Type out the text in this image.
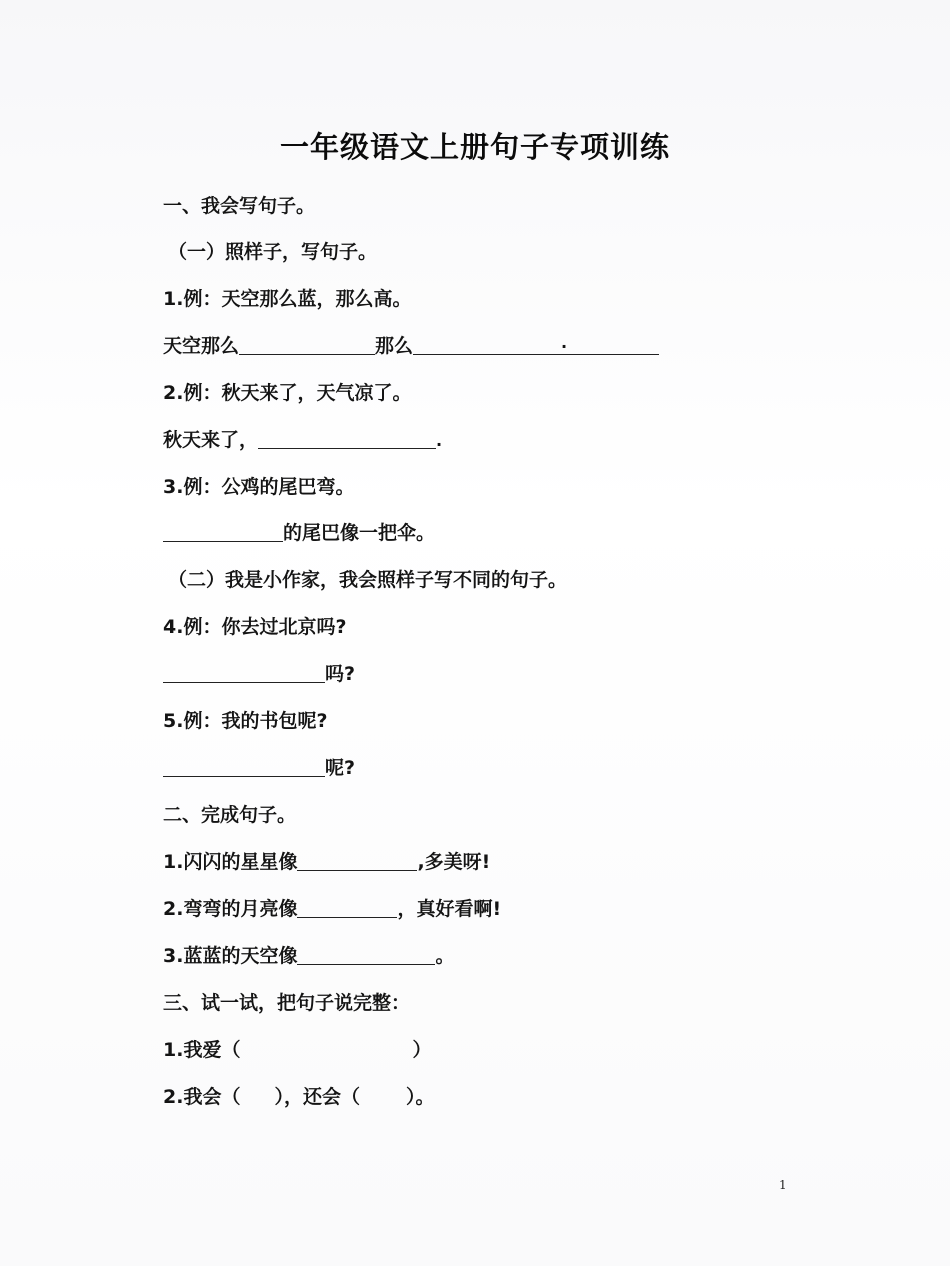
一年级语文上册句子专项训练
一、我会写句子。
（一）照样子，写句子。
1.例：天空那么蓝，那么高。
天空那么	那么	.
2.例：秋天来了，天气凉了。
秋天来了，	.
3.例：公鸡的尾巴弯。
的尾巴像一把伞。
（二）我是小作家，我会照样子写不同的句子。
4.例：你去过北京吗?
吗?
5.例：我的书包呢?
呢?
二、完成句子。
1.闪闪的星星像	,多美呀!
2.弯弯的月亮像	，真好看啊!
3.蓝蓝的天空像	。
三、试一试，把句子说完整：
1.我爱（	）
2.我会（ ），还会（ ）。
1
